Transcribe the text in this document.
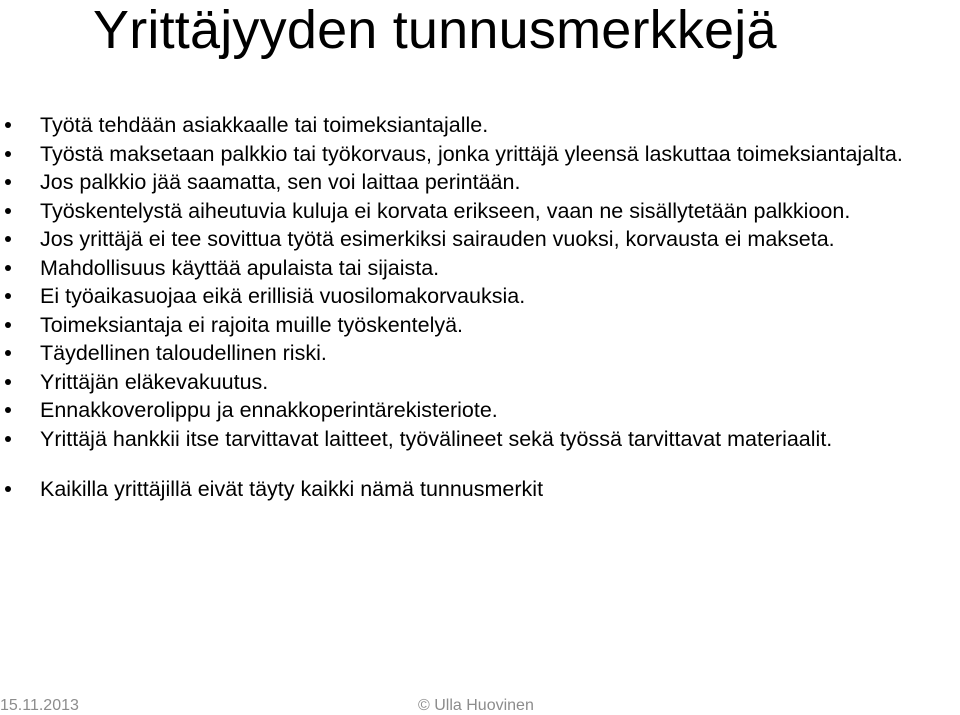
Yrittäjyyden tunnusmerkkejä
Työtä tehdään asiakkaalle tai toimeksiantajalle.
Työstä maksetaan palkkio tai työkorvaus, jonka yrittäjä yleensä laskuttaa toimeksiantajalta.
Jos palkkio jää saamatta, sen voi laittaa perintään.
Työskentelystä aiheutuvia kuluja ei korvata erikseen, vaan ne sisällytetään palkkioon.
Jos yrittäjä ei tee sovittua työtä esimerkiksi sairauden vuoksi, korvausta ei makseta.
Mahdollisuus käyttää apulaista tai sijaista.
Ei työaikasuojaa eikä erillisiä vuosilomakorvauksia.
Toimeksiantaja ei rajoita muille työskentelyä.
Täydellinen taloudellinen riski.
Yrittäjän eläkevakuutus.
Ennakkoverolippu ja ennakkoperintärekisteriote.
Yrittäjä hankkii itse tarvittavat laitteet, työvälineet sekä työssä tarvittavat materiaalit.
Kaikilla yrittäjillä eivät täyty kaikki nämä tunnusmerkit
15.11.2013	© Ulla Huovinen
